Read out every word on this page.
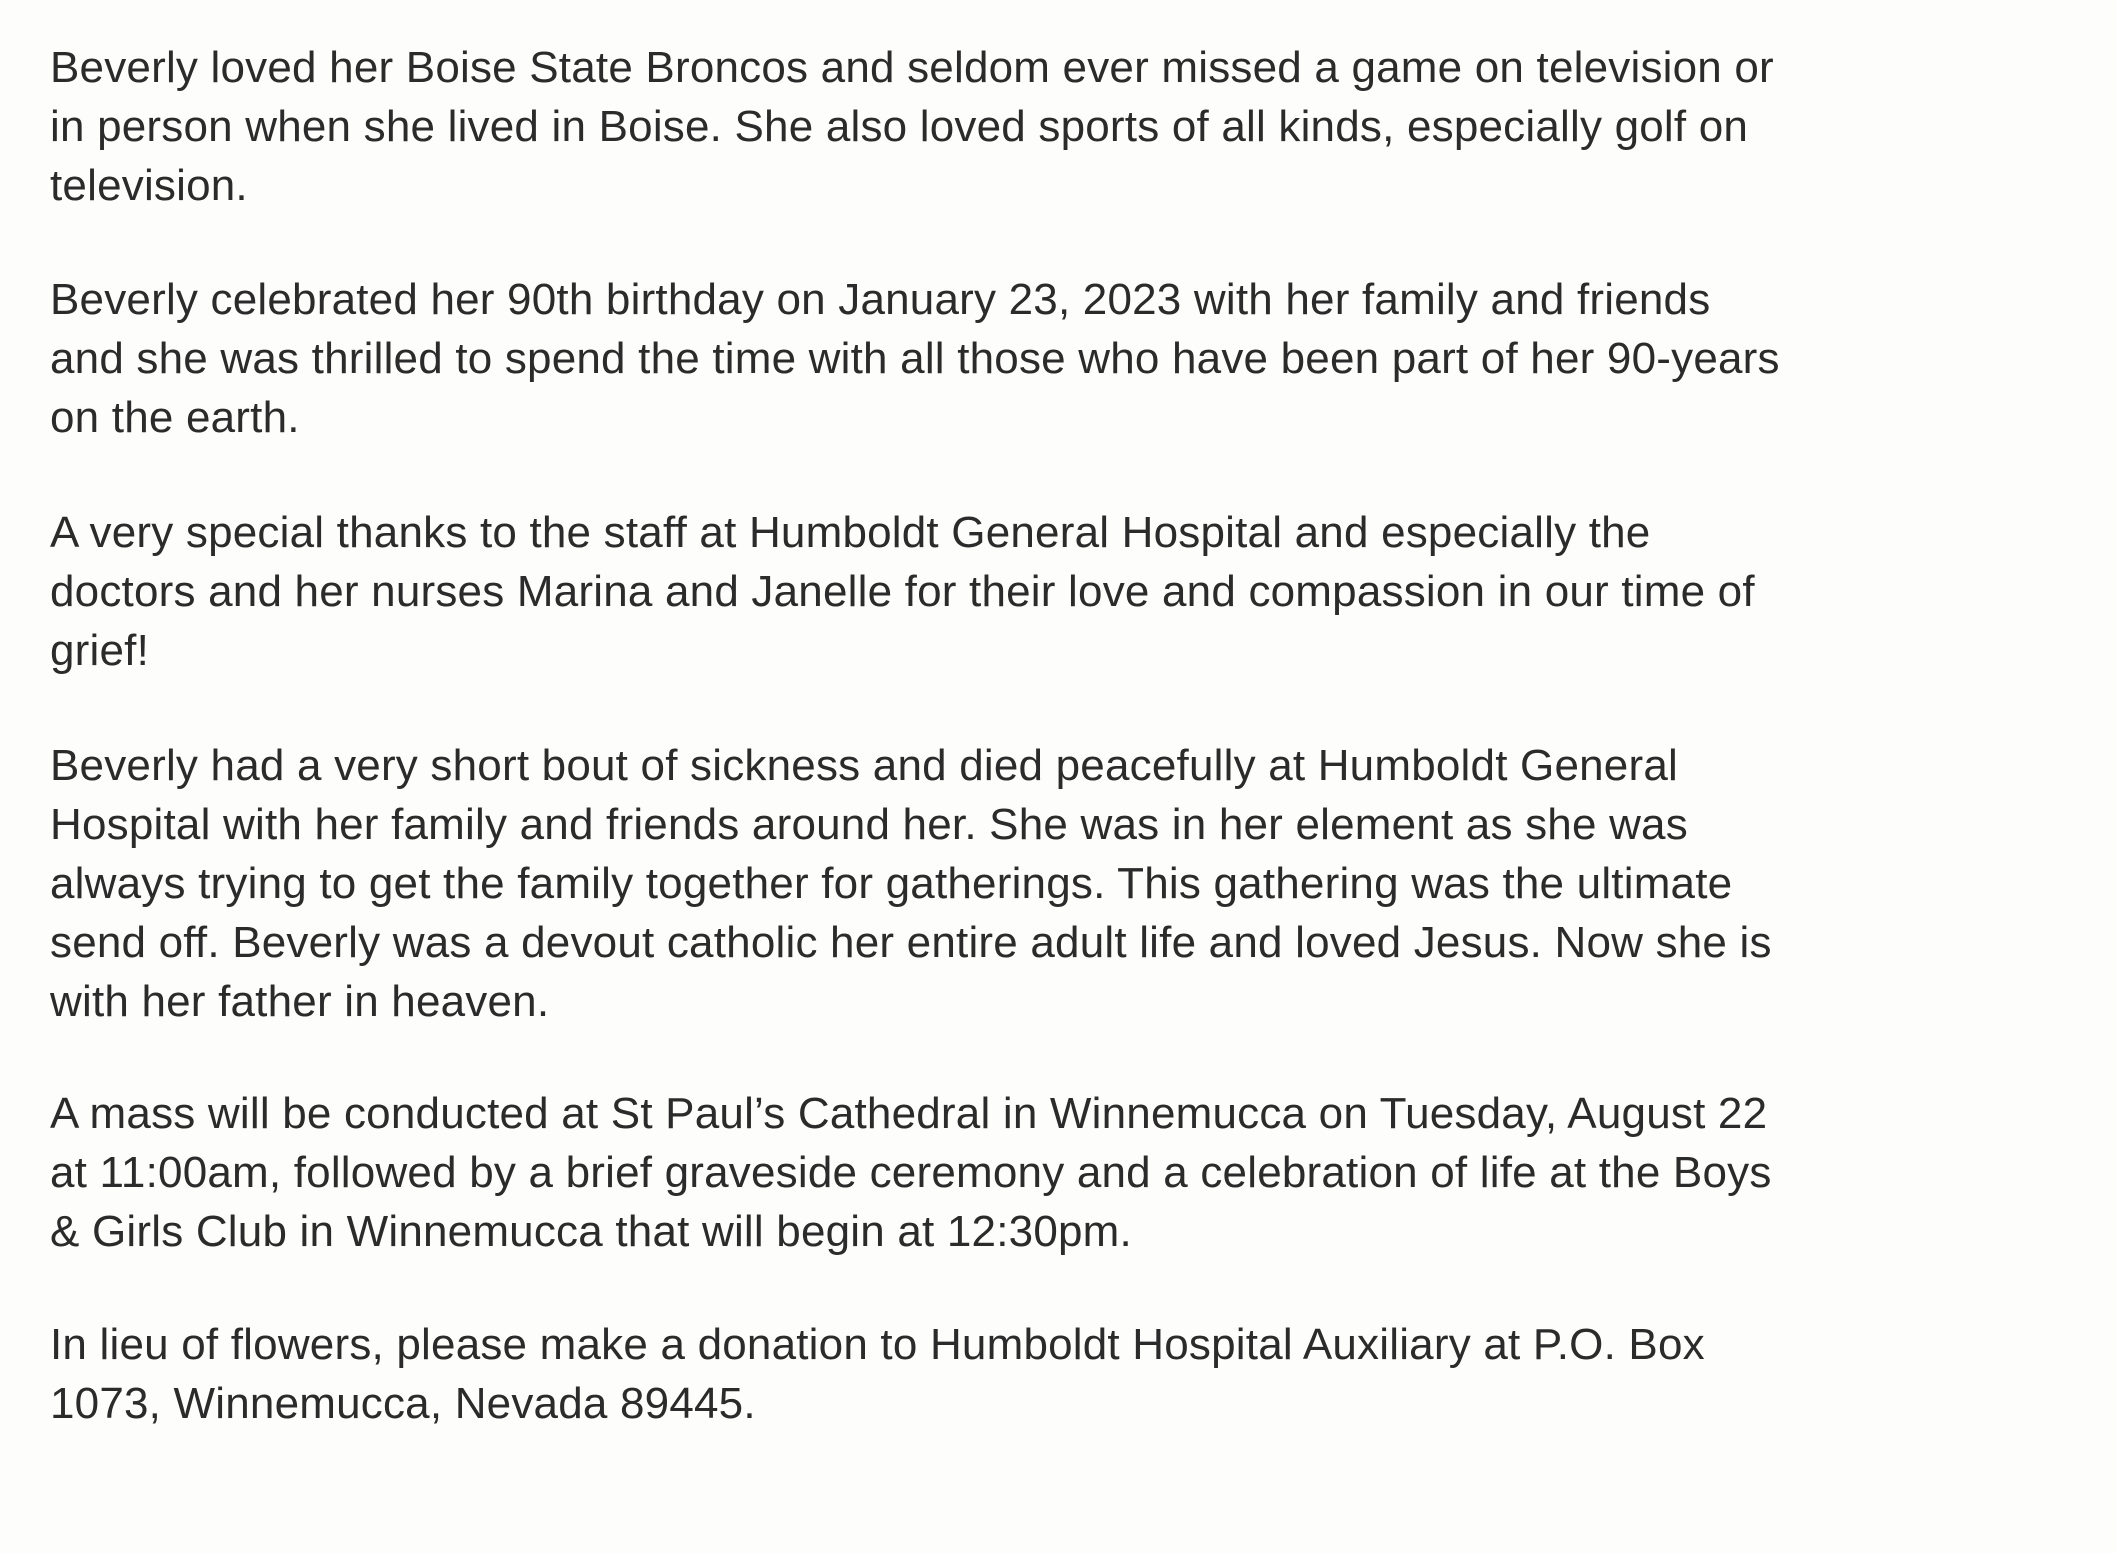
Beverly loved her Boise State Broncos and seldom ever missed a game on television or
in person when she lived in Boise. She also loved sports of all kinds, especially golf on
television.

Beverly celebrated her 90th birthday on January 23, 2023 with her family and friends
and she was thrilled to spend the time with all those who have been part of her 90-years
on the earth.

A very special thanks to the staff at Humboldt General Hospital and especially the
doctors and her nurses Marina and Janelle for their love and compassion in our time of
grief!

Beverly had a very short bout of sickness and died peacefully at Humboldt General
Hospital with her family and friends around her. She was in her element as she was
always trying to get the family together for gatherings. This gathering was the ultimate
send off. Beverly was a devout catholic her entire adult life and loved Jesus. Now she is
with her father in heaven.

A mass will be conducted at St Paul’s Cathedral in Winnemucca on Tuesday, August 22
at 11:00am, followed by a brief graveside ceremony and a celebration of life at the Boys
& Girls Club in Winnemucca that will begin at 12:30pm.

In lieu of flowers, please make a donation to Humboldt Hospital Auxiliary at P.O. Box
1073, Winnemucca, Nevada 89445.
